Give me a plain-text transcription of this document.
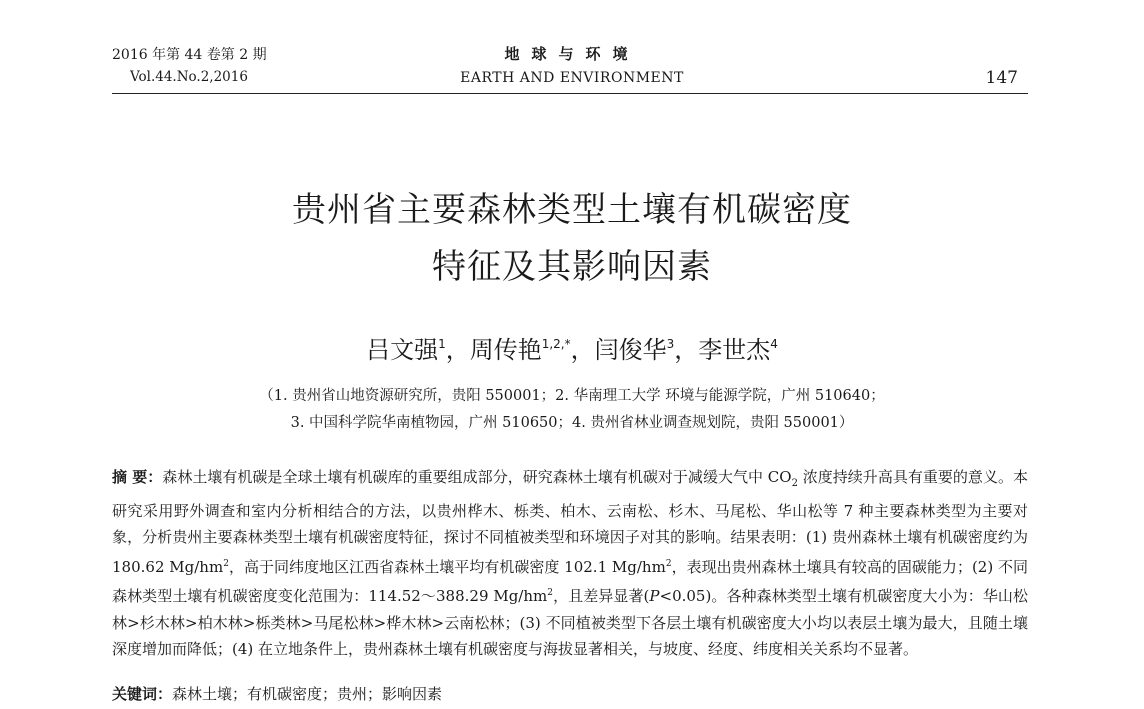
2016 年第 44 卷第 2 期
Vol.44.No.2,2016
地球与环境
EARTH AND ENVIRONMENT	147
贵州省主要森林类型土壤有机碳密度
特征及其影响因素
吕文强$^1$，周传艳$^{1,2,*}$，闫俊华$^3$，李世杰$^4$
（1. 贵州省山地资源研究所，贵阳 550001；2. 华南理工大学 环境与能源学院，广州 510640；
3. 中国科学院华南植物园，广州 510650；4. 贵州省林业调查规划院，贵阳 550001）
摘 要：森林土壤有机碳是全球土壤有机碳库的重要组成部分，研究森林土壤有机碳对于减缓大气中 $CO_2$ 浓度持续升高具有重要的意义。本研究采用野外调查和室内分析相结合的方法，以贵州桦木、栎类、柏木、云南松、杉木、马尾松、华山松等 7 种主要森林类型为主要对象，分析贵州主要森林类型土壤有机碳密度特征，探讨不同植被类型和环境因子对其的影响。结果表明：(1) 贵州森林土壤有机碳密度约为 180.62 $Mg/hm^2$，高于同纬度地区江西省森林土壤平均有机碳密度 102.1 $Mg/hm^2$，表现出贵州森林土壤具有较高的固碳能力；(2) 不同森林类型土壤有机碳密度变化范围为：114.52～388.29 $Mg/hm^2$，且差异显著(P<0.05)。各种森林类型土壤有机碳密度大小为：华山松林>杉木林>柏木林>栎类林>马尾松林>桦木林>云南松林；(3) 不同植被类型下各层土壤有机碳密度大小均以表层土壤为最大，且随土壤深度增加而降低；(4) 在立地条件上，贵州森林土壤有机碳密度与海拔显著相关，与坡度、经度、纬度相关关系均不显著。
关键词：森林土壤；有机碳密度；贵州；影响因素
